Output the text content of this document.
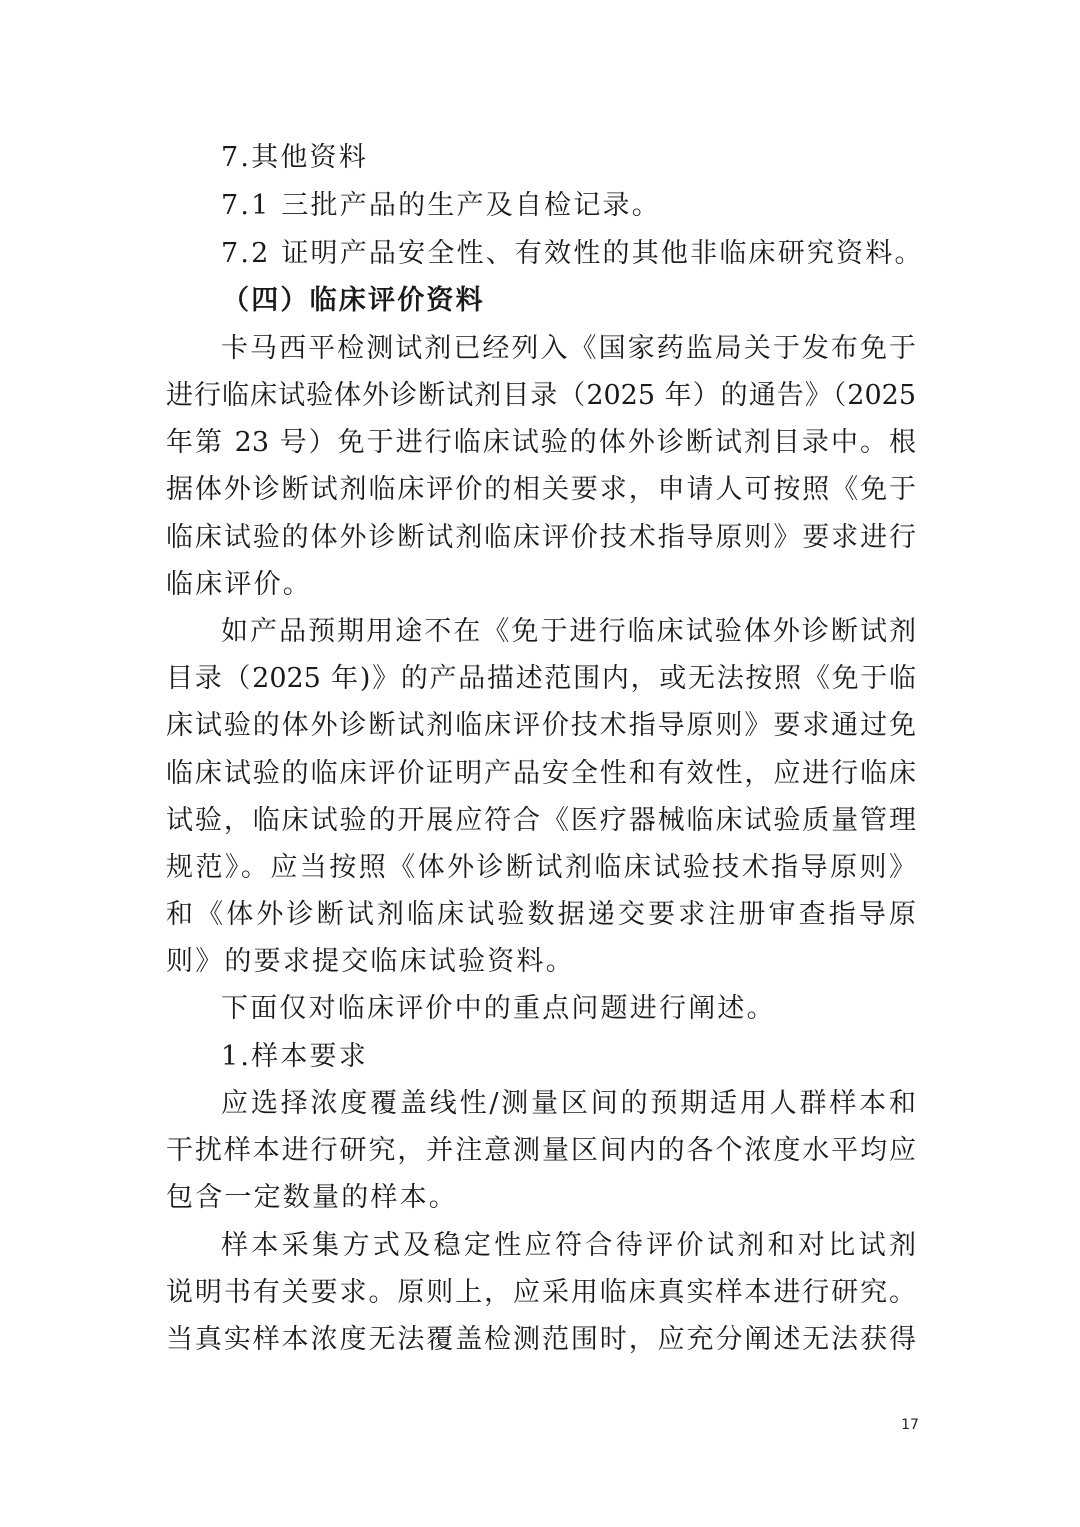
7.其他资料
7.1 三批产品的生产及自检记录。
7.2 证明产品安全性、有效性的其他非临床研究资料。
（四）临床评价资料
卡马西平检测试剂已经列入《国家药监局关于发布免于
进行临床试验体外诊断试剂目录（2025 年）的通告》（2025
年第 23 号）免于进行临床试验的体外诊断试剂目录中。根
据体外诊断试剂临床评价的相关要求，申请人可按照《免于
临床试验的体外诊断试剂临床评价技术指导原则》要求进行
临床评价。
如产品预期用途不在《免于进行临床试验体外诊断试剂
目录（2025 年)》的产品描述范围内，或无法按照《免于临
床试验的体外诊断试剂临床评价技术指导原则》要求通过免
临床试验的临床评价证明产品安全性和有效性，应进行临床
试验，临床试验的开展应符合《医疗器械临床试验质量管理
规范》。应当按照《体外诊断试剂临床试验技术指导原则》
和《体外诊断试剂临床试验数据递交要求注册审查指导原
则》的要求提交临床试验资料。
下面仅对临床评价中的重点问题进行阐述。
1.样本要求
应选择浓度覆盖线性/测量区间的预期适用人群样本和
干扰样本进行研究，并注意测量区间内的各个浓度水平均应
包含一定数量的样本。
样本采集方式及稳定性应符合待评价试剂和对比试剂
说明书有关要求。原则上，应采用临床真实样本进行研究。
当真实样本浓度无法覆盖检测范围时，应充分阐述无法获得
17
